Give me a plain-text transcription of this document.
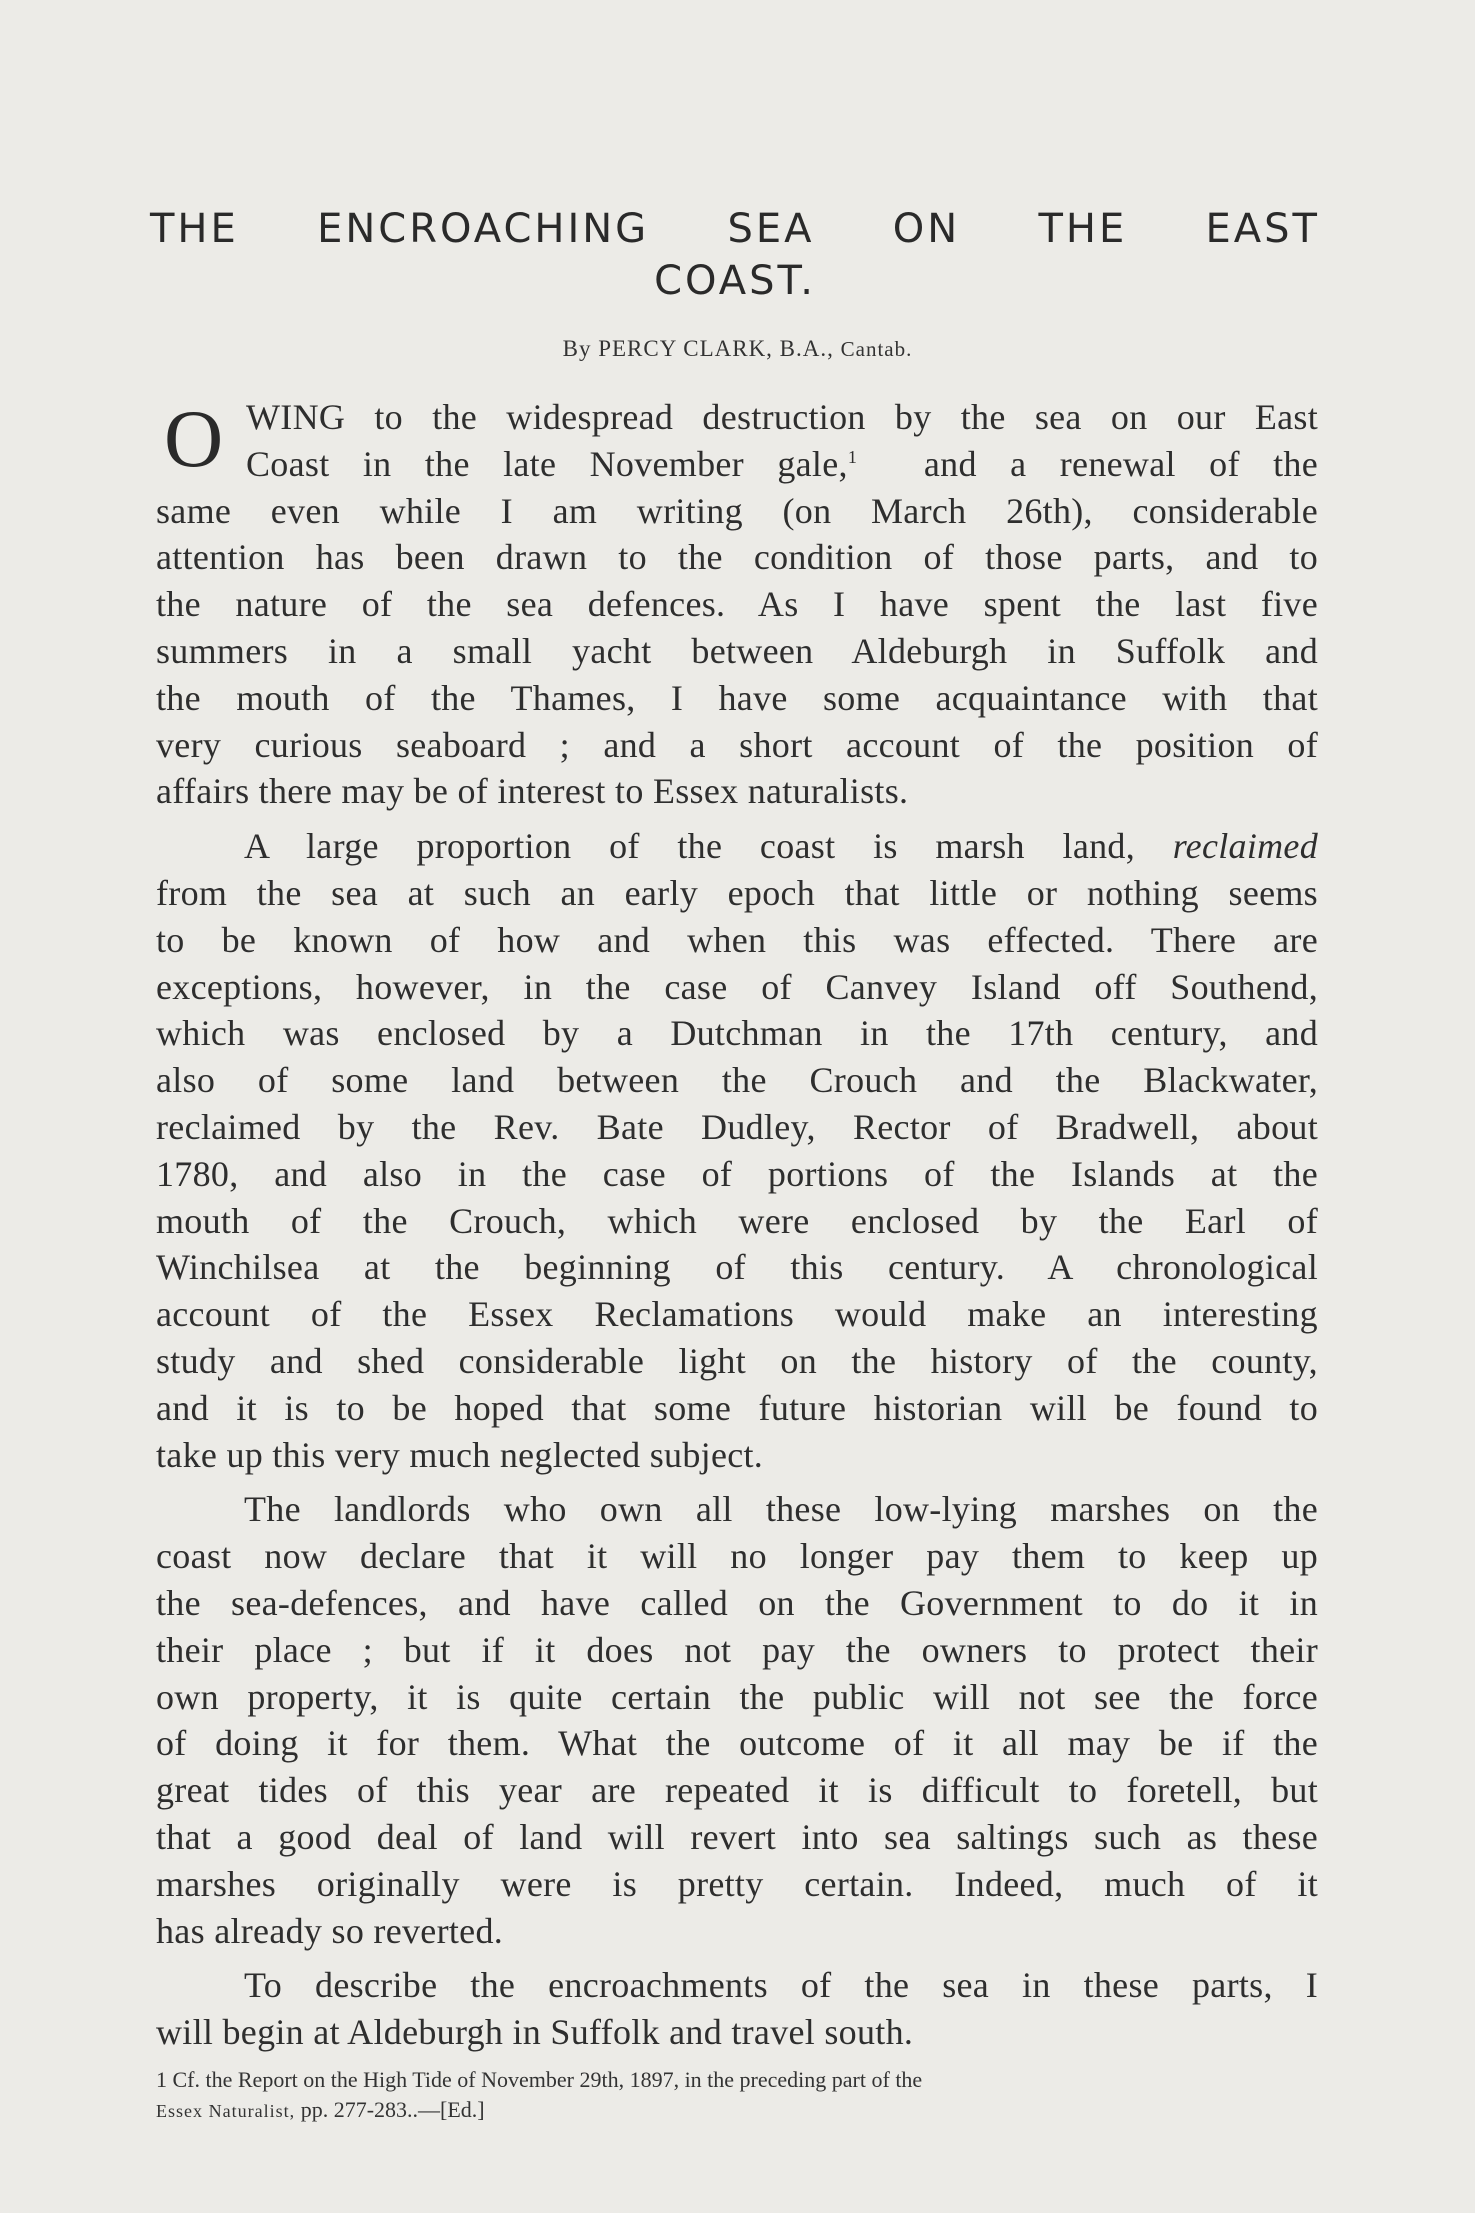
THE ENCROACHING SEA ON THE EAST
COAST.

By PERCY CLARK, B.A., Cantab.

O WING to the widespread destruction by the sea on our East
Coast in the late November gale,$^1$ and a renewal of the
same even while I am writing (on March 26th), considerable
attention has been drawn to the condition of those parts, and to
the nature of the sea defences. As I have spent the last five
summers in a small yacht between Aldeburgh in Suffolk and
the mouth of the Thames, I have some acquaintance with that
very curious seaboard ; and a short account of the position of
affairs there may be of interest to Essex naturalists.
A large proportion of the coast is marsh land, reclaimed
from the sea at such an early epoch that little or nothing seems
to be known of how and when this was effected. There are
exceptions, however, in the case of Canvey Island off Southend,
which was enclosed by a Dutchman in the 17th century, and
also of some land between the Crouch and the Blackwater,
reclaimed by the Rev. Bate Dudley, Rector of Bradwell, about
1780, and also in the case of portions of the Islands at the
mouth of the Crouch, which were enclosed by the Earl of
Winchilsea at the beginning of this century. A chronological
account of the Essex Reclamations would make an interesting
study and shed considerable light on the history of the county,
and it is to be hoped that some future historian will be found to
take up this very much neglected subject.
The landlords who own all these low-lying marshes on the
coast now declare that it will no longer pay them to keep up
the sea-defences, and have called on the Government to do it in
their place ; but if it does not pay the owners to protect their
own property, it is quite certain the public will not see the force
of doing it for them. What the outcome of it all may be if the
great tides of this year are repeated it is difficult to foretell, but
that a good deal of land will revert into sea saltings such as these
marshes originally were is pretty certain. Indeed, much of it
has already so reverted.
To describe the encroachments of the sea in these parts, I
will begin at Aldeburgh in Suffolk and travel south.
1 Cf. the Report on the High Tide of November 29th, 1897, in the preceding part of the
Essex Naturalist, pp. 277-283..—[Ed.]
